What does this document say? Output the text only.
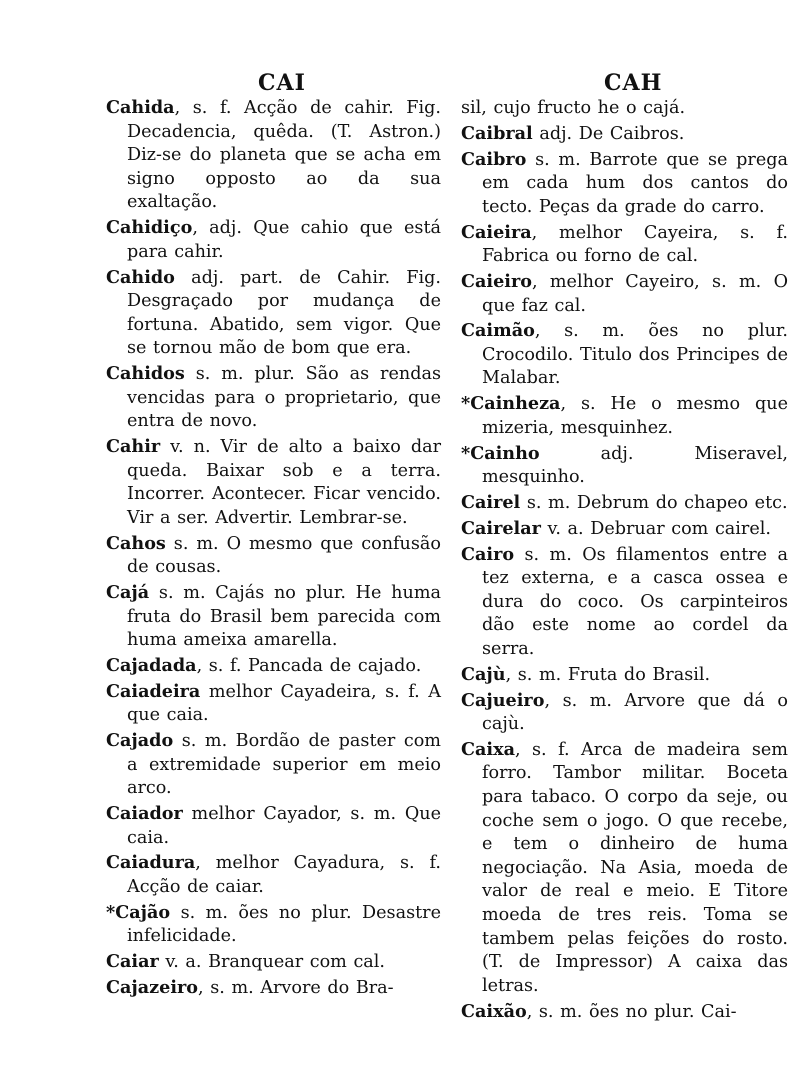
CAI	CAH

Cahida, s. f. Acção de cahir. Fig. Decadencia, quêda. (T. Astron.) Diz-se do planeta que se acha em signo opposto ao da sua exaltação.

Cahidiço, adj. Que cahio que está para cahir.

Cahido adj. part. de Cahir. Fig. Desgraçado por mudança de fortuna. Abatido, sem vigor. Que se tornou mão de bom que era.

Cahidos s. m. plur. São as rendas vencidas para o proprietario, que entra de novo.

Cahir v. n. Vir de alto a baixo dar queda. Baixar sob e a terra. Incorrer. Acontecer. Ficar vencido. Vir a ser. Advertir. Lembrar-se.

Cahos s. m. O mesmo que confusão de cousas.

Cajá s. m. Cajás no plur. He huma fruta do Brasil bem parecida com huma ameixa amarella.

Cajadada, s. f. Pancada de cajado.

Caiadeira melhor Cayadeira, s. f. A que caia.

Cajado s. m. Bordão de paster com a extremidade superior em meio arco.

Caiador melhor Cayador, s. m. Que caia.

Caiadura, melhor Cayadura, s. f. Acção de caiar.

*Cajão s. m. ões no plur. Desastre infelicidade.

Caiar v. a. Branquear com cal.

Cajazeiro, s. m. Arvore do Bra-

sil, cujo fructo he o cajá.

Caibral adj. De Caibros.

Caibro s. m. Barrote que se prega em cada hum dos cantos do tecto. Peças da grade do carro.

Caieira, melhor Cayeira, s. f. Fabrica ou forno de cal.

Caieiro, melhor Cayeiro, s. m. O que faz cal.

Caimão, s. m. ões no plur. Crocodilo. Titulo dos Principes de Malabar.

*Cainheza, s. He o mesmo que mizeria, mesquinhez.

*Cainho adj. Miseravel, mesquinho.

Cairel s. m. Debrum do chapeo etc.

Cairelar v. a. Debruar com cairel.

Cairo s. m. Os filamentos entre a tez externa, e a casca ossea e dura do coco. Os carpinteiros dão este nome ao cordel da serra.

Cajù, s. m. Fruta do Brasil.

Cajueiro, s. m. Arvore que dá o cajù.

Caixa, s. f. Arca de madeira sem forro. Tambor militar. Boceta para tabaco. O corpo da seje, ou coche sem o jogo. O que recebe, e tem o dinheiro de huma negociação. Na Asia, moeda de valor de real e meio. E Titore moeda de tres reis. Toma se tambem pelas feições do rosto. (T. de Impressor) A caixa das letras.

Caixão, s. m. ões no plur. Cai-
